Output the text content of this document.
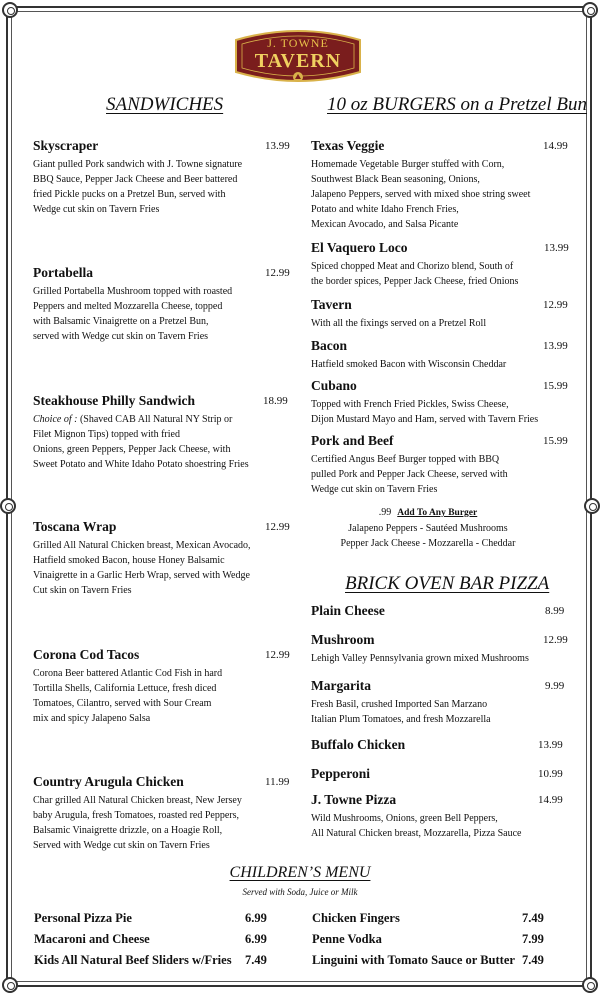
J. TOWNE
TAVERN
SANDWICHES
Skyscraper	13.99
Giant pulled Pork sandwich with J. Towne signature
BBQ Sauce, Pepper Jack Cheese and Beer battered
fried Pickle pucks on a Pretzel Bun, served with
Wedge cut skin on Tavern Fries
Portabella	12.99
Grilled Portabella Mushroom topped with roasted
Peppers and melted Mozzarella Cheese, topped
with Balsamic Vinaigrette on a Pretzel Bun,
served with Wedge cut skin on Tavern Fries
Steakhouse Philly Sandwich	18.99
Choice of : (Shaved CAB All Natural NY Strip or
Filet Mignon Tips) topped with fried
Onions, green Peppers, Pepper Jack Cheese, with
Sweet Potato and White Idaho Potato shoestring Fries
Toscana Wrap	12.99
Grilled All Natural Chicken breast, Mexican Avocado,
Hatfield smoked Bacon, house Honey Balsamic
Vinaigrette in a Garlic Herb Wrap, served with Wedge
Cut skin on Tavern Fries
Corona Cod Tacos	12.99
Corona Beer battered Atlantic Cod Fish in hard
Tortilla Shells, California Lettuce, fresh diced
Tomatoes, Cilantro, served with Sour Cream
mix and spicy Jalapeno Salsa
Country Arugula Chicken	11.99
Char grilled All Natural Chicken breast, New Jersey
baby Arugula, fresh Tomatoes, roasted red Peppers,
Balsamic Vinaigrette drizzle, on a Hoagie Roll,
Served with Wedge cut skin on Tavern Fries
10 oz BURGERS on a Pretzel Bun
Texas Veggie	14.99
Homemade Vegetable Burger stuffed with Corn,
Southwest Black Bean seasoning, Onions,
Jalapeno Peppers, served with mixed shoe string sweet
Potato and white Idaho French Fries,
Mexican Avocado, and Salsa Picante
El Vaquero Loco	13.99
Spiced chopped Meat and Chorizo blend, South of
the border spices, Pepper Jack Cheese, fried Onions
Tavern	12.99
With all the fixings served on a Pretzel Roll
Bacon	13.99
Hatfield smoked Bacon with Wisconsin Cheddar
Cubano	15.99
Topped with French Fried Pickles, Swiss Cheese,
Dijon Mustard Mayo and Ham, served with Tavern Fries
Pork and Beef	15.99
Certified Angus Beef Burger topped with BBQ
pulled Pork and Pepper Jack Cheese, served with
Wedge cut skin on Tavern Fries
.99 Add To Any Burger
Jalapeno Peppers - Sautéed Mushrooms
Pepper Jack Cheese - Mozzarella - Cheddar
BRICK OVEN BAR PIZZA
Plain Cheese	8.99
Mushroom	12.99
Lehigh Valley Pennsylvania grown mixed Mushrooms
Margarita	9.99
Fresh Basil, crushed Imported San Marzano
Italian Plum Tomatoes, and fresh Mozzarella
Buffalo Chicken	13.99
Pepperoni	10.99
J. Towne Pizza	14.99
Wild Mushrooms, Onions, green Bell Peppers,
All Natural Chicken breast, Mozzarella, Pizza Sauce
CHILDREN’S MENU
Served with Soda, Juice or Milk
Personal Pizza Pie	6.99
Macaroni and Cheese	6.99
Kids All Natural Beef Sliders w/Fries 7.49
Chicken Fingers	7.49
Penne Vodka	7.99
Linguini with Tomato Sauce or Butter 7.49
